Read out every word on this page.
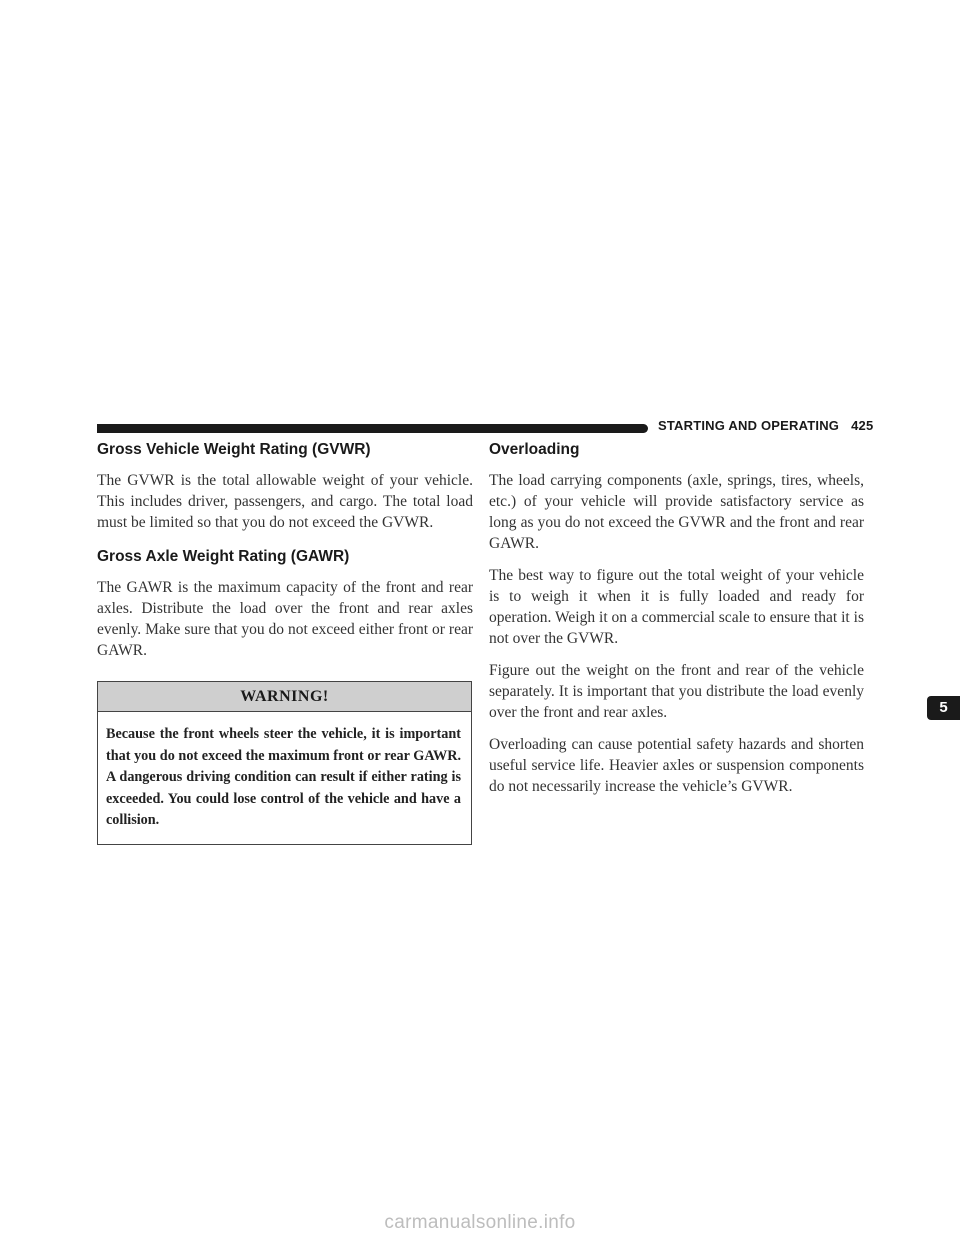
STARTING AND OPERATING 425
Gross Vehicle Weight Rating (GVWR)

The GVWR is the total allowable weight of your vehicle. This includes driver, passengers, and cargo. The total load must be limited so that you do not exceed the GVWR.

Gross Axle Weight Rating (GAWR)

The GAWR is the maximum capacity of the front and rear axles. Distribute the load over the front and rear axles evenly. Make sure that you do not exceed either front or rear GAWR.

WARNING!
Because the front wheels steer the vehicle, it is important that you do not exceed the maximum front or rear GAWR. A dangerous driving condition can result if either rating is exceeded. You could lose control of the vehicle and have a collision.
Overloading

The load carrying components (axle, springs, tires, wheels, etc.) of your vehicle will provide satisfactory service as long as you do not exceed the GVWR and the front and rear GAWR.

The best way to figure out the total weight of your vehicle is to weigh it when it is fully loaded and ready for operation. Weigh it on a commercial scale to ensure that it is not over the GVWR.

Figure out the weight on the front and rear of the vehicle separately. It is important that you distribute the load evenly over the front and rear axles.

Overloading can cause potential safety hazards and shorten useful service life. Heavier axles or suspension components do not necessarily increase the vehicle’s GVWR.

5
carmanualsonline.info
